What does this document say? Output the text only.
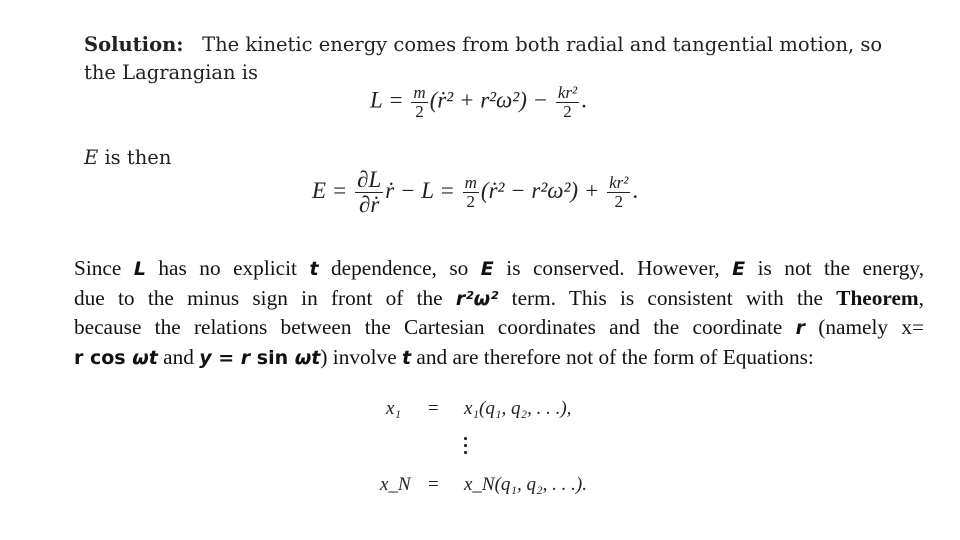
Solution: The kinetic energy comes from both radial and tangential motion, so
the Lagrangian is
$L = \frac{m}{2}$ (ṙ² + $r^2\omega^2) - \frac{\text{kr²}}{2}$ .
E is then
$E = \frac{\partial L}{\text{∂ṙ}}$ ṙ − $L = \frac{m}{2}$ (ṙ² − $r^2\omega^2) + \frac{\text{kr²}}{2}$ .
Since L has no explicit t dependence, so E is conserved. However, E is not the energy,
due to the minus sign in front of the r²ω² term. This is consistent with the Theorem,
because the relations between the Cartesian coordinates and the coordinate r (namely x=
r cos ωt and y = r sin ωt) involve t and are therefore not of the form of Equations:
x₁ = x₁(q₁, q₂, . . .),
x_N = x_N(q₁, q₂, . . .).
